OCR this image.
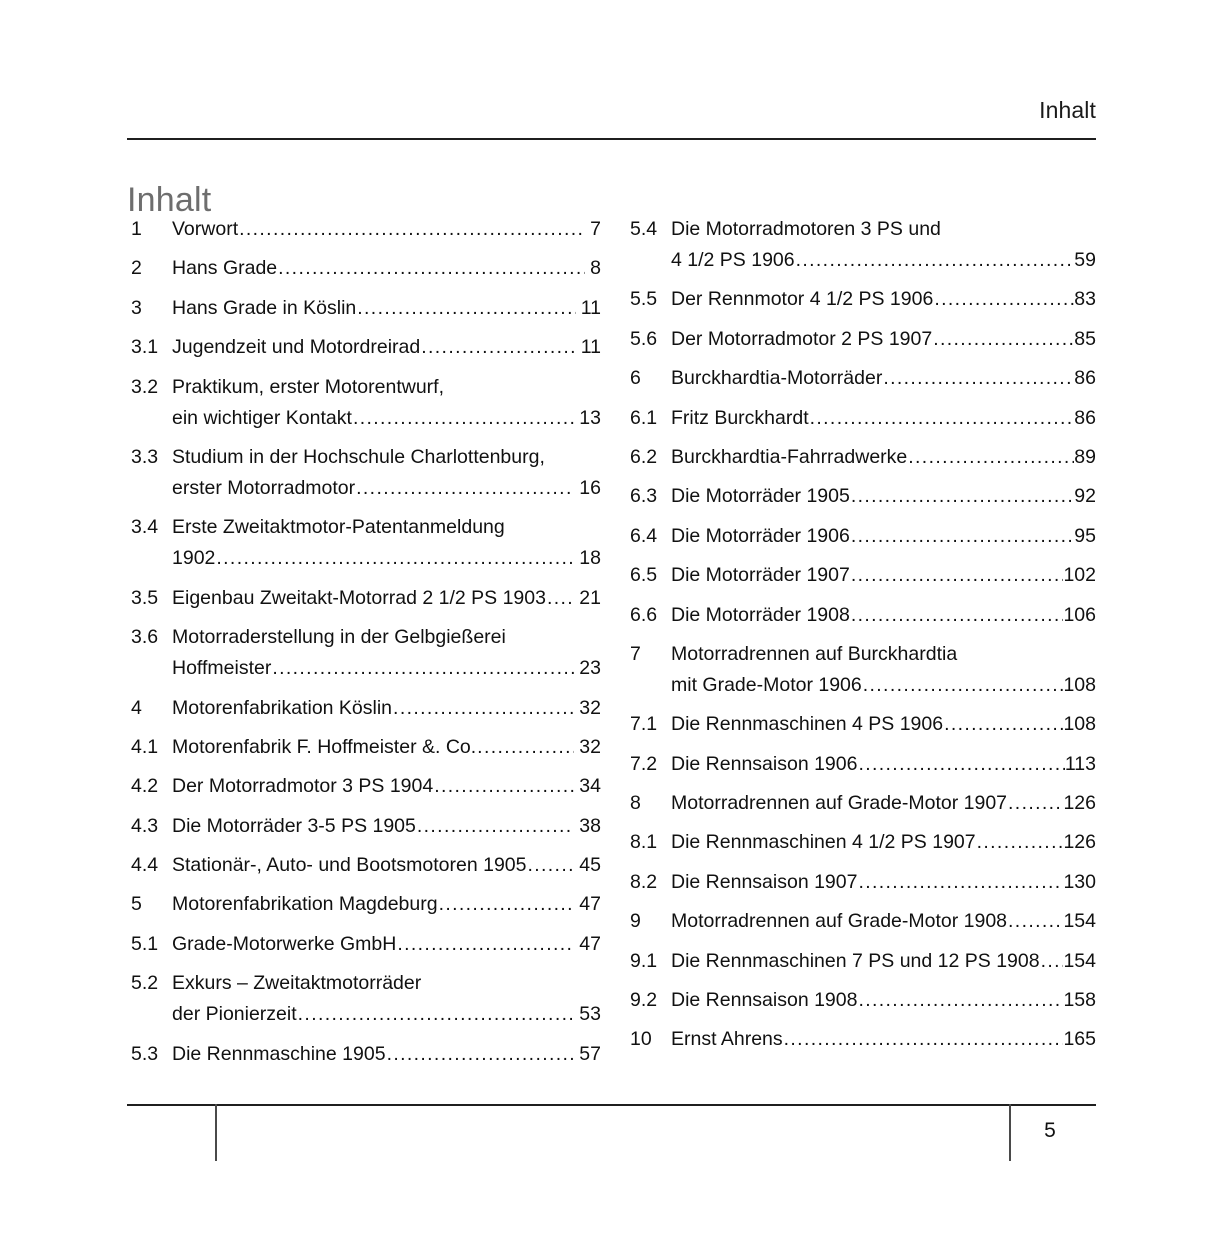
Inhalt
Inhalt
1	Vorwort .....	7
2	Hans Grade .....	8
3	Hans Grade in Köslin .....	11
3.1 Jugendzeit und Motordreirad .....	11
3.2 Praktikum, erster Motorentwurf,
ein wichtiger Kontakt .....	13
3.3 Studium in der Hochschule Charlottenburg,
erster Motorradmotor .....	16
3.4 Erste Zweitaktmotor-Patentanmeldung
1902 .....	18
3.5 Eigenbau Zweitakt-Motorrad 2 1/2 PS 1903 ..... 21
3.6 Motorraderstellung in der Gelbgießerei
Hoffmeister .....	23
4	Motorenfabrikation Köslin .....	32
4.1 Motorenfabrik F. Hoffmeister &. Co. .....	32
4.2 Der Motorradmotor 3 PS 1904 .....	34
4.3 Die Motorräder 3-5 PS 1905 .....	38
4.4 Stationär-, Auto- und Bootsmotoren 1905 .....	45
5	Motorenfabrikation Magdeburg .....	47
5.1 Grade-Motorwerke GmbH .....	47
5.2 Exkurs – Zweitaktmotorräder
der Pionierzeit .....	53
5.3 Die Rennmaschine 1905 .....	57
5.4 Die Motorradmotoren 3 PS und
4 1/2 PS 1906 .....	59
5.5 Der Rennmotor 4 1/2 PS 1906 .....	83
5.6 Der Motorradmotor 2 PS 1907 .....	85
6	Burckhardtia-Motorräder .....	86
6.1 Fritz Burckhardt .....	86
6.2 Burckhardtia-Fahrradwerke .....	89
6.3 Die Motorräder 1905 .....	92
6.4 Die Motorräder 1906 .....	95
6.5 Die Motorräder 1907 .....	102
6.6 Die Motorräder 1908 .....	106
7	Motorradrennen auf Burckhardtia
mit Grade-Motor 1906 .....	108
7.1 Die Rennmaschinen 4 PS 1906 .....	108
7.2 Die Rennsaison 1906 .....	113
8	Motorradrennen auf Grade-Motor 1907 .....	126
8.1 Die Rennmaschinen 4 1/2 PS 1907 .....	126
8.2 Die Rennsaison 1907 .....	130
9	Motorradrennen auf Grade-Motor 1908 .....	154
9.1 Die Rennmaschinen 7 PS und 12 PS 1908 ..... 154
9.2 Die Rennsaison 1908 .....	158
10 Ernst Ahrens .....	165
5
